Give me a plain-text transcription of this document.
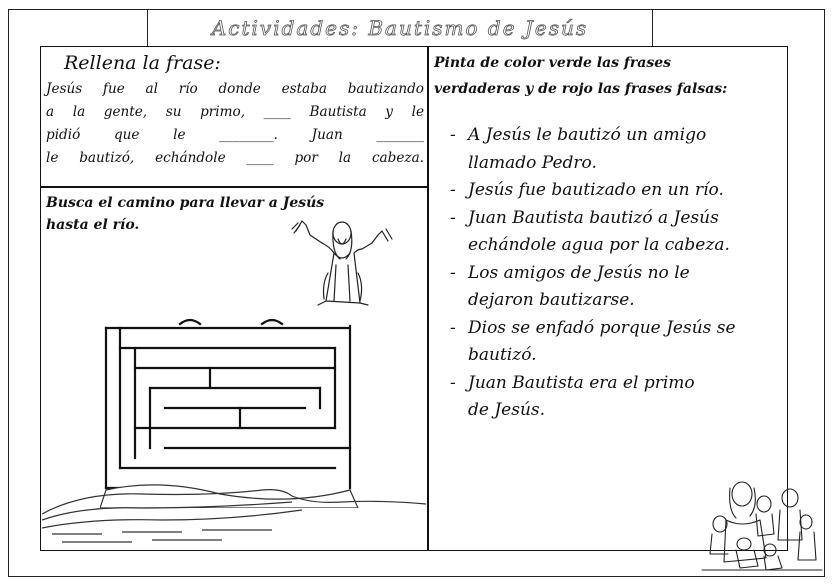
Actividades: Bautismo de Jesús
Rellena la frase:
Jesús fue al río donde estaba bautizando
a la gente, su primo, ____ Bautista y le
pidió que le ________. Juan _______
le bautizó, echándole ____ por la cabeza.
Busca el camino para llevar a Jesús
hasta el río.
Pinta de color verde las frases
verdaderas y de rojo las frases falsas:
- A Jesús le bautizó un amigo
llamado Pedro.
- Jesús fue bautizado en un río.
- Juan Bautista bautizó a Jesús
echándole agua por la cabeza.
- Los amigos de Jesús no le
dejaron bautizarse.
- Dios se enfadó porque Jesús se
bautizó.
- Juan Bautista era el primo
de Jesús.
